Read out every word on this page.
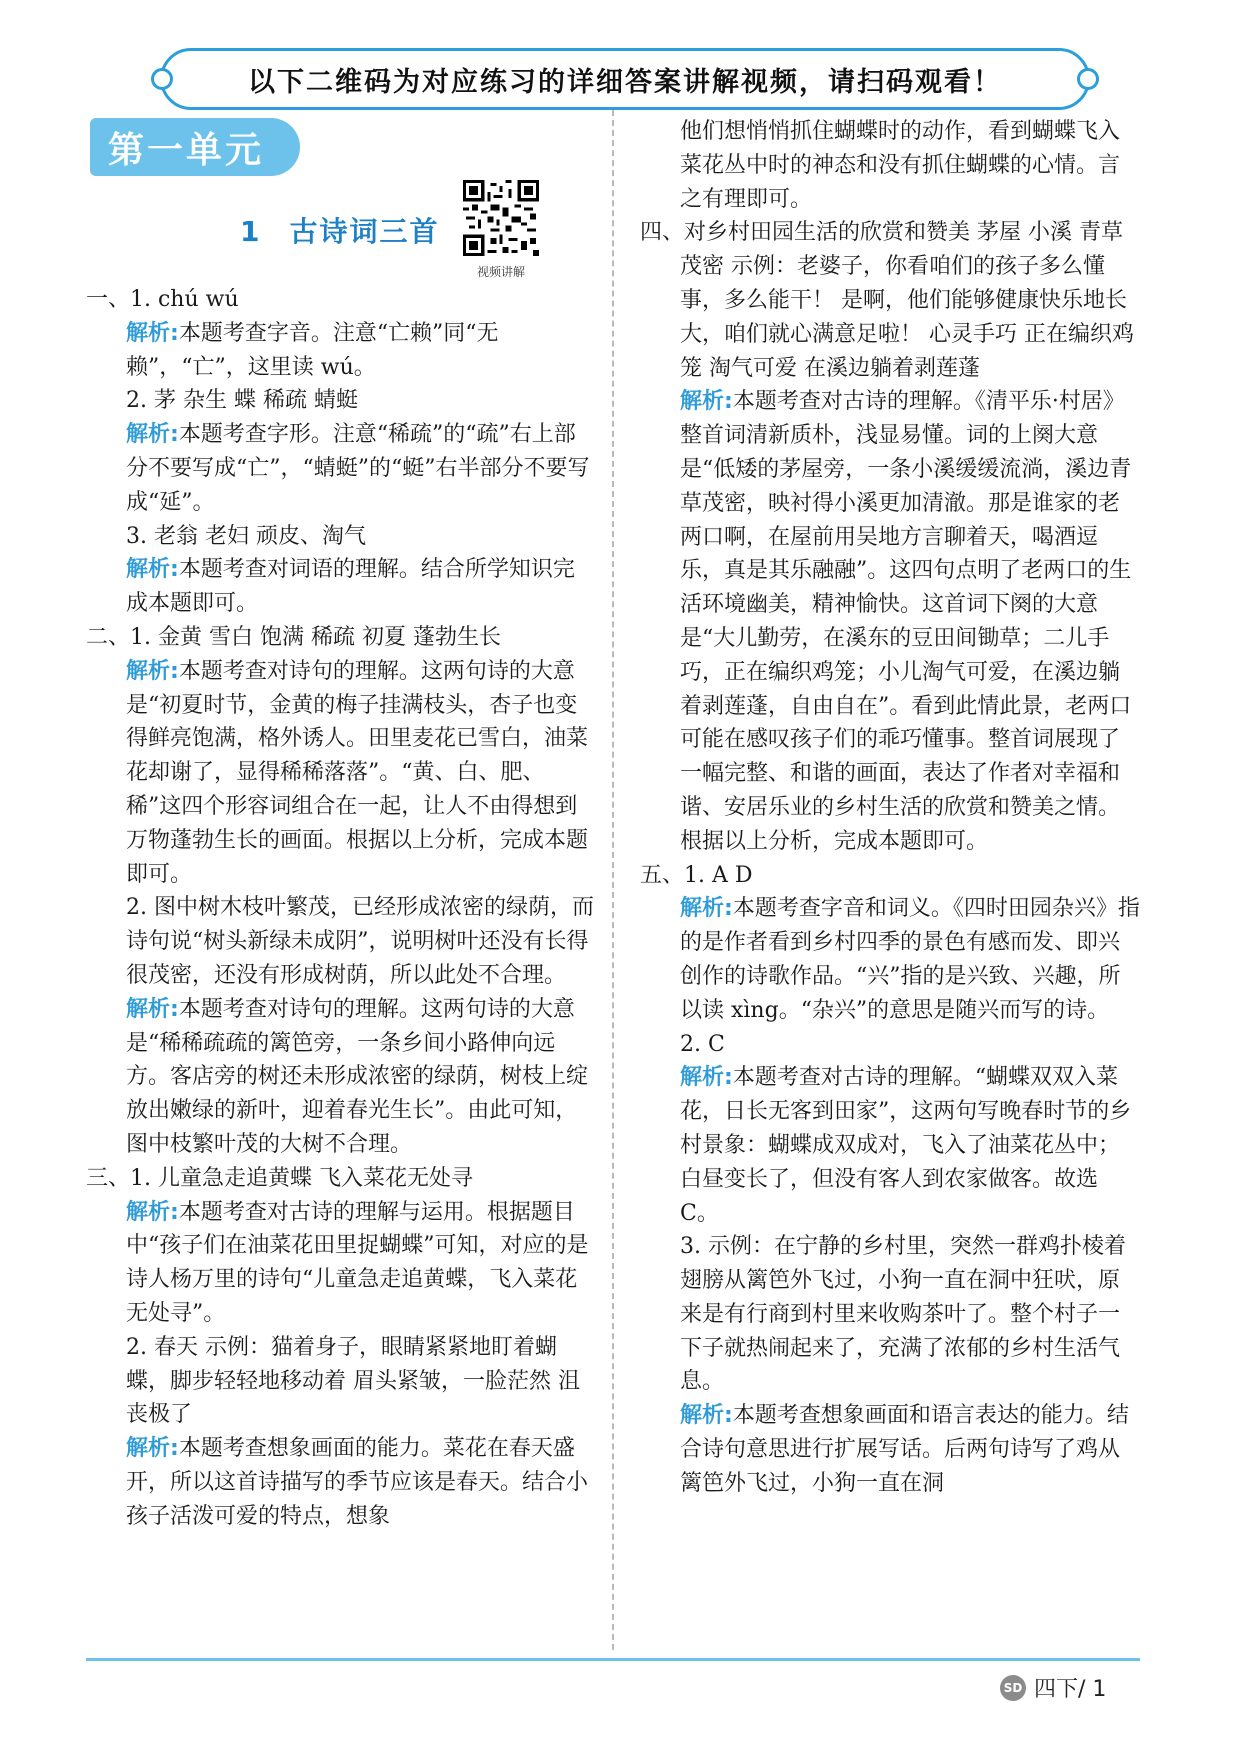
以下二维码为对应练习的详细答案讲解视频，请扫码观看！
第一单元
1 古诗词三首
视频讲解

一、1. chú wú

解析:本题考查字音。注意“亡赖”同“无赖”，“亡”，这里读 wú。

2. 茅 杂生 蝶 稀疏 蜻蜓

解析:本题考查字形。注意“稀疏”的“疏”右上部分不要写成“亡”，“蜻蜓”的“蜓”右半部分不要写成“延”。

3. 老翁 老妇 顽皮、淘气

解析:本题考查对词语的理解。结合所学知识完成本题即可。

二、1. 金黄 雪白 饱满 稀疏 初夏 蓬勃生长

解析:本题考查对诗句的理解。这两句诗的大意是“初夏时节，金黄的梅子挂满枝头，杏子也变得鲜亮饱满，格外诱人。田里麦花已雪白，油菜花却谢了，显得稀稀落落”。“黄、白、肥、稀”这四个形容词组合在一起，让人不由得想到万物蓬勃生长的画面。根据以上分析，完成本题即可。

2. 图中树木枝叶繁茂，已经形成浓密的绿荫，而诗句说“树头新绿未成阴”，说明树叶还没有长得很茂密，还没有形成树荫，所以此处不合理。

解析:本题考查对诗句的理解。这两句诗的大意是“稀稀疏疏的篱笆旁，一条乡间小路伸向远方。客店旁的树还未形成浓密的绿荫，树枝上绽放出嫩绿的新叶，迎着春光生长”。由此可知，图中枝繁叶茂的大树不合理。

三、1. 儿童急走追黄蝶 飞入菜花无处寻

解析:本题考查对古诗的理解与运用。根据题目中“孩子们在油菜花田里捉蝴蝶”可知，对应的是诗人杨万里的诗句“儿童急走追黄蝶，飞入菜花无处寻”。

2. 春天 示例：猫着身子，眼睛紧紧地盯着蝴蝶，脚步轻轻地移动着 眉头紧皱，一脸茫然 沮丧极了

解析:本题考查想象画面的能力。菜花在春天盛开，所以这首诗描写的季节应该是春天。结合小孩子活泼可爱的特点，想象

他们想悄悄抓住蝴蝶时的动作，看到蝴蝶飞入菜花丛中时的神态和没有抓住蝴蝶的心情。言之有理即可。

四、对乡村田园生活的欣赏和赞美 茅屋 小溪 青草茂密 示例：老婆子，你看咱们的孩子多么懂事，多么能干！ 是啊，他们能够健康快乐地长大，咱们就心满意足啦！ 心灵手巧 正在编织鸡笼 淘气可爱 在溪边躺着剥莲蓬

解析:本题考查对古诗的理解。《清平乐·村居》整首词清新质朴，浅显易懂。词的上阕大意是“低矮的茅屋旁，一条小溪缓缓流淌，溪边青草茂密，映衬得小溪更加清澈。那是谁家的老两口啊，在屋前用吴地方言聊着天，喝酒逗乐，真是其乐融融”。这四句点明了老两口的生活环境幽美，精神愉快。这首词下阕的大意是“大儿勤劳，在溪东的豆田间锄草；二儿手巧，正在编织鸡笼；小儿淘气可爱，在溪边躺着剥莲蓬，自由自在”。看到此情此景，老两口可能在感叹孩子们的乖巧懂事。整首词展现了一幅完整、和谐的画面，表达了作者对幸福和谐、安居乐业的乡村生活的欣赏和赞美之情。根据以上分析，完成本题即可。

五、1. A D

解析:本题考查字音和词义。《四时田园杂兴》指的是作者看到乡村四季的景色有感而发、即兴创作的诗歌作品。“兴”指的是兴致、兴趣，所以读 xìng。“杂兴”的意思是随兴而写的诗。

2. C

解析:本题考查对古诗的理解。“蝴蝶双双入菜花，日长无客到田家”，这两句写晚春时节的乡村景象：蝴蝶成双成对，飞入了油菜花丛中；白昼变长了，但没有客人到农家做客。故选 C。

3. 示例：在宁静的乡村里，突然一群鸡扑棱着翅膀从篱笆外飞过，小狗一直在洞中狂吠，原来是有行商到村里来收购茶叶了。整个村子一下子就热闹起来了，充满了浓郁的乡村生活气息。

解析:本题考查想象画面和语言表达的能力。结合诗句意思进行扩展写话。后两句诗写了鸡从篱笆外飞过，小狗一直在洞

SD 四下/ 1
